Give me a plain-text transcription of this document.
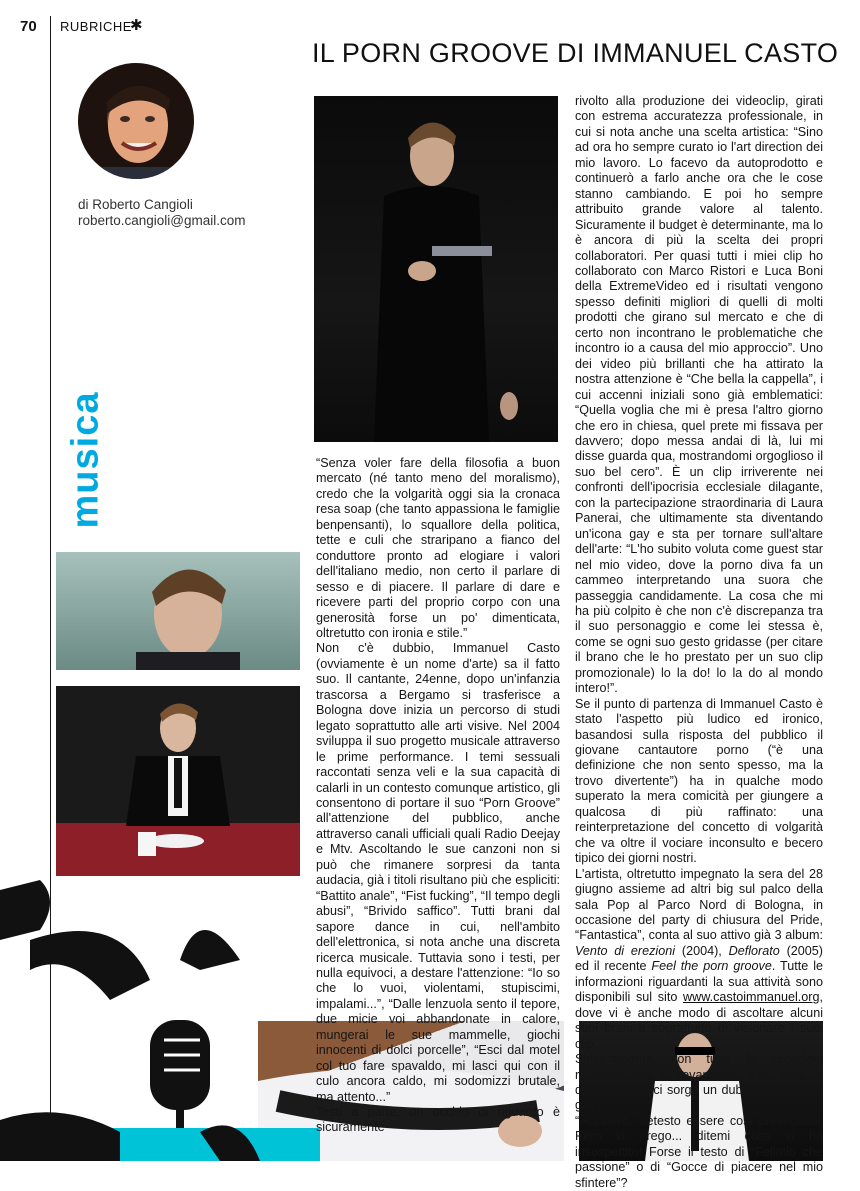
70 RUBRICHE
✱
IL PORN GROOVE DI IMMANUEL CASTO
di Roberto Cangioli
roberto.cangioli@gmail.com
musica	“Senza voler fare della filosofia a buon mercato (né tanto meno del moralismo), credo che la volgarità oggi sia la cronaca resa soap (che tanto appassiona le famiglie benpensanti), lo squallore della politica, tette e culi che straripano a fianco del conduttore pronto ad elogiare i valori dell'italiano medio, non certo il parlare di sesso e di piacere. Il parlare di dare e ricevere parti del proprio corpo con una generosità forse un po' dimenticata, oltretutto con ironia e stile.”

Non c'è dubbio, Immanuel Casto (ovviamente è un nome d'arte) sa il fatto suo. Il cantante, 24enne, dopo un'infanzia trascorsa a Bergamo si trasferisce a Bologna dove inizia un percorso di studi legato soprattutto alle arti visive. Nel 2004 sviluppa il suo progetto musicale attraverso le prime performance. I temi sessuali raccontati senza veli e la sua capacità di calarli in un contesto comunque artistico, gli consentono di portare il suo “Porn Groove” all'attenzione del pubblico, anche attraverso canali ufficiali quali Radio Deejay e Mtv. Ascoltando le sue canzoni non si può che rimanere sorpresi da tanta audacia, già i titoli risultano più che espliciti: “Battito anale”, “Fist fucking”, “Il tempo degli abusi”, “Brivido saffico”. Tutti brani dal sapore dance in cui, nell'ambito dell'elettronica, si nota anche una discreta ricerca musicale. Tuttavia sono i testi, per nulla equivoci, a destare l'attenzione: “Io so che lo vuoi, violentami, stupiscimi, impalami...”, “Dalle lenzuola sento il tepore, due micie voi abbandonate in calore, mungerai le sue mammelle, giochi innocenti di dolci porcelle”, “Esci dal motel col tuo fare spavaldo, mi lasci qui con il culo ancora caldo, mi sodomizzi brutale, ma attento...”

Testi a parte, un occhio di riguardo è sicuramente

rivolto alla produzione dei videoclip, girati con estrema accuratezza professionale, in cui si nota anche una scelta artistica: “Sino ad ora ho sempre curato io l'art direction dei mio lavoro. Lo facevo da autoprodotto e continuerò a farlo anche ora che le cose stanno cambiando. E poi ho sempre attribuito grande valore al talento. Sicuramente il budget è determinante, ma lo è ancora di più la scelta dei propri collaboratori. Per quasi tutti i miei clip ho collaborato con Marco Ristori e Luca Boni della ExtremeVideo ed i risultati vengono spesso definiti migliori di quelli di molti prodotti che girano sul mercato e che di certo non incontrano le problematiche che incontro io a causa del mio approccio”. Uno dei video più brillanti che ha attirato la nostra attenzione è “Che bella la cappella”, i cui accenni iniziali sono già emblematici: “Quella voglia che mi è presa l'altro giorno che ero in chiesa, quel prete mi fissava per davvero; dopo messa andai di là, lui mi disse guarda qua, mostrandomi orgoglioso il suo bel cero”. È un clip irriverente nei confronti dell'ipocrisia ecclesiale dilagante, con la partecipazione straordinaria di Laura Panerai, che ultimamente sta diventando un'icona gay e sta per tornare sull'altare dell'arte: “L'ho subito voluta come guest star nel mio video, dove la porno diva fa un cammeo interpretando una suora che passeggia candidamente. La cosa che mi ha più colpito è che non c'è discrepanza tra il suo personaggio e come lei stessa è, come se ogni suo gesto gridasse (per citare il brano che le ho prestato per un suo clip promozionale) lo la do! lo la do al mondo intero!”.

Se il punto di partenza di Immanuel Casto è stato l'aspetto più ludico ed ironico, basandosi sulla risposta del pubblico il giovane cantautore porno (“è una definizione che non sento spesso, ma la trovo divertente”) ha in qualche modo superato la mera comicità per giungere a qualcosa di più raffinato: una reinterpretazione del concetto di volgarità che va oltre il vociare inconsulto e becero tipico dei giorni nostri.

L'artista, oltretutto impegnato la sera del 28 giugno assieme ad altri big sul palco della sala Pop al Parco Nord di Bologna, in occasione del party di chiusura del Pride, “Fantastica”, conta al suo attivo già 3 album: Vento di erezioni (2004), Deflorato (2005) ed il recente Feel the porn groove. Tutte le informazioni riguardanti la sua attività sono disponibili sul sito www.castoimmanuel.org, dove vi è anche modo di ascoltare alcuni suoi brani e soprattutto di visionare i suoi clip.

Sinceramente, con tutte le accezioni ricorrenti che si trovano nei suoi brani, a questo punto ci sorge un dubbio: sarà mica gay?

“Accidenti, detesto essere così prevedibile. Però vi prego... ditemi cosa vi ha insospettito! Forse il testo di “Fellatio che passione” o di “Gocce di piacere nel mio sfintere”?
